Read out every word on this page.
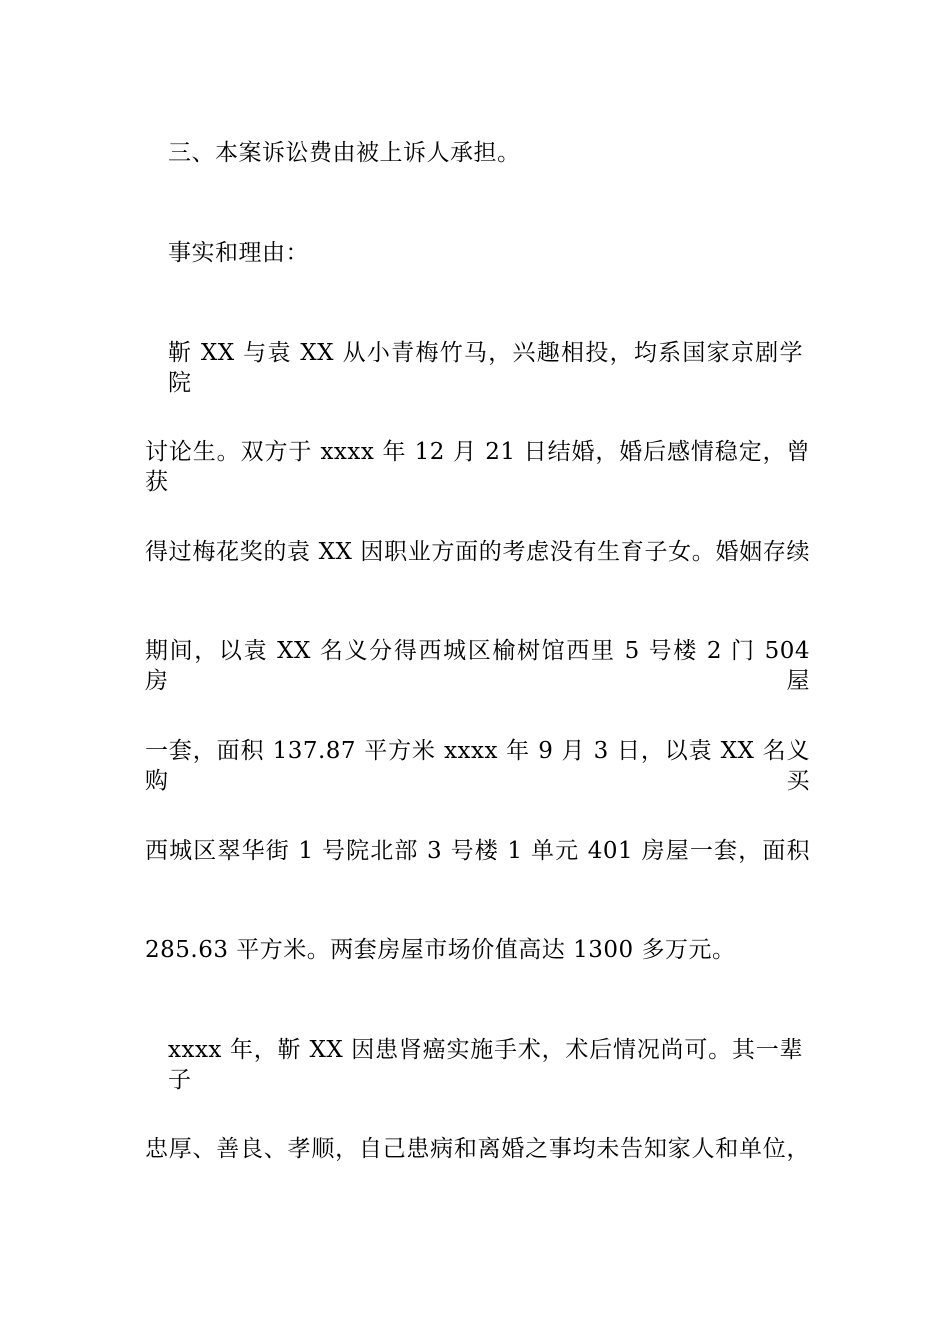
三、本案诉讼费由被上诉人承担。
事实和理由：
靳 XX 与袁 XX 从小青梅竹马，兴趣相投，均系国家京剧学院
讨论生。双方于 xxxx 年 12 月 21 日结婚，婚后感情稳定，曾获
得过梅花奖的袁 XX 因职业方面的考虑没有生育子女。婚姻存续
期间，以袁 XX 名义分得西城区榆树馆西里 5 号楼 2 门 504 房屋
一套，面积 137.87 平方米 xxxx 年 9 月 3 日，以袁 XX 名义购买
西城区翠华街 1 号院北部 3 号楼 1 单元 401 房屋一套，面积
285.63 平方米。两套房屋市场价值高达 1300 多万元。
xxxx 年，靳 XX 因患肾癌实施手术，术后情况尚可。其一辈子
忠厚、善良、孝顺，自己患病和离婚之事均未告知家人和单位，
